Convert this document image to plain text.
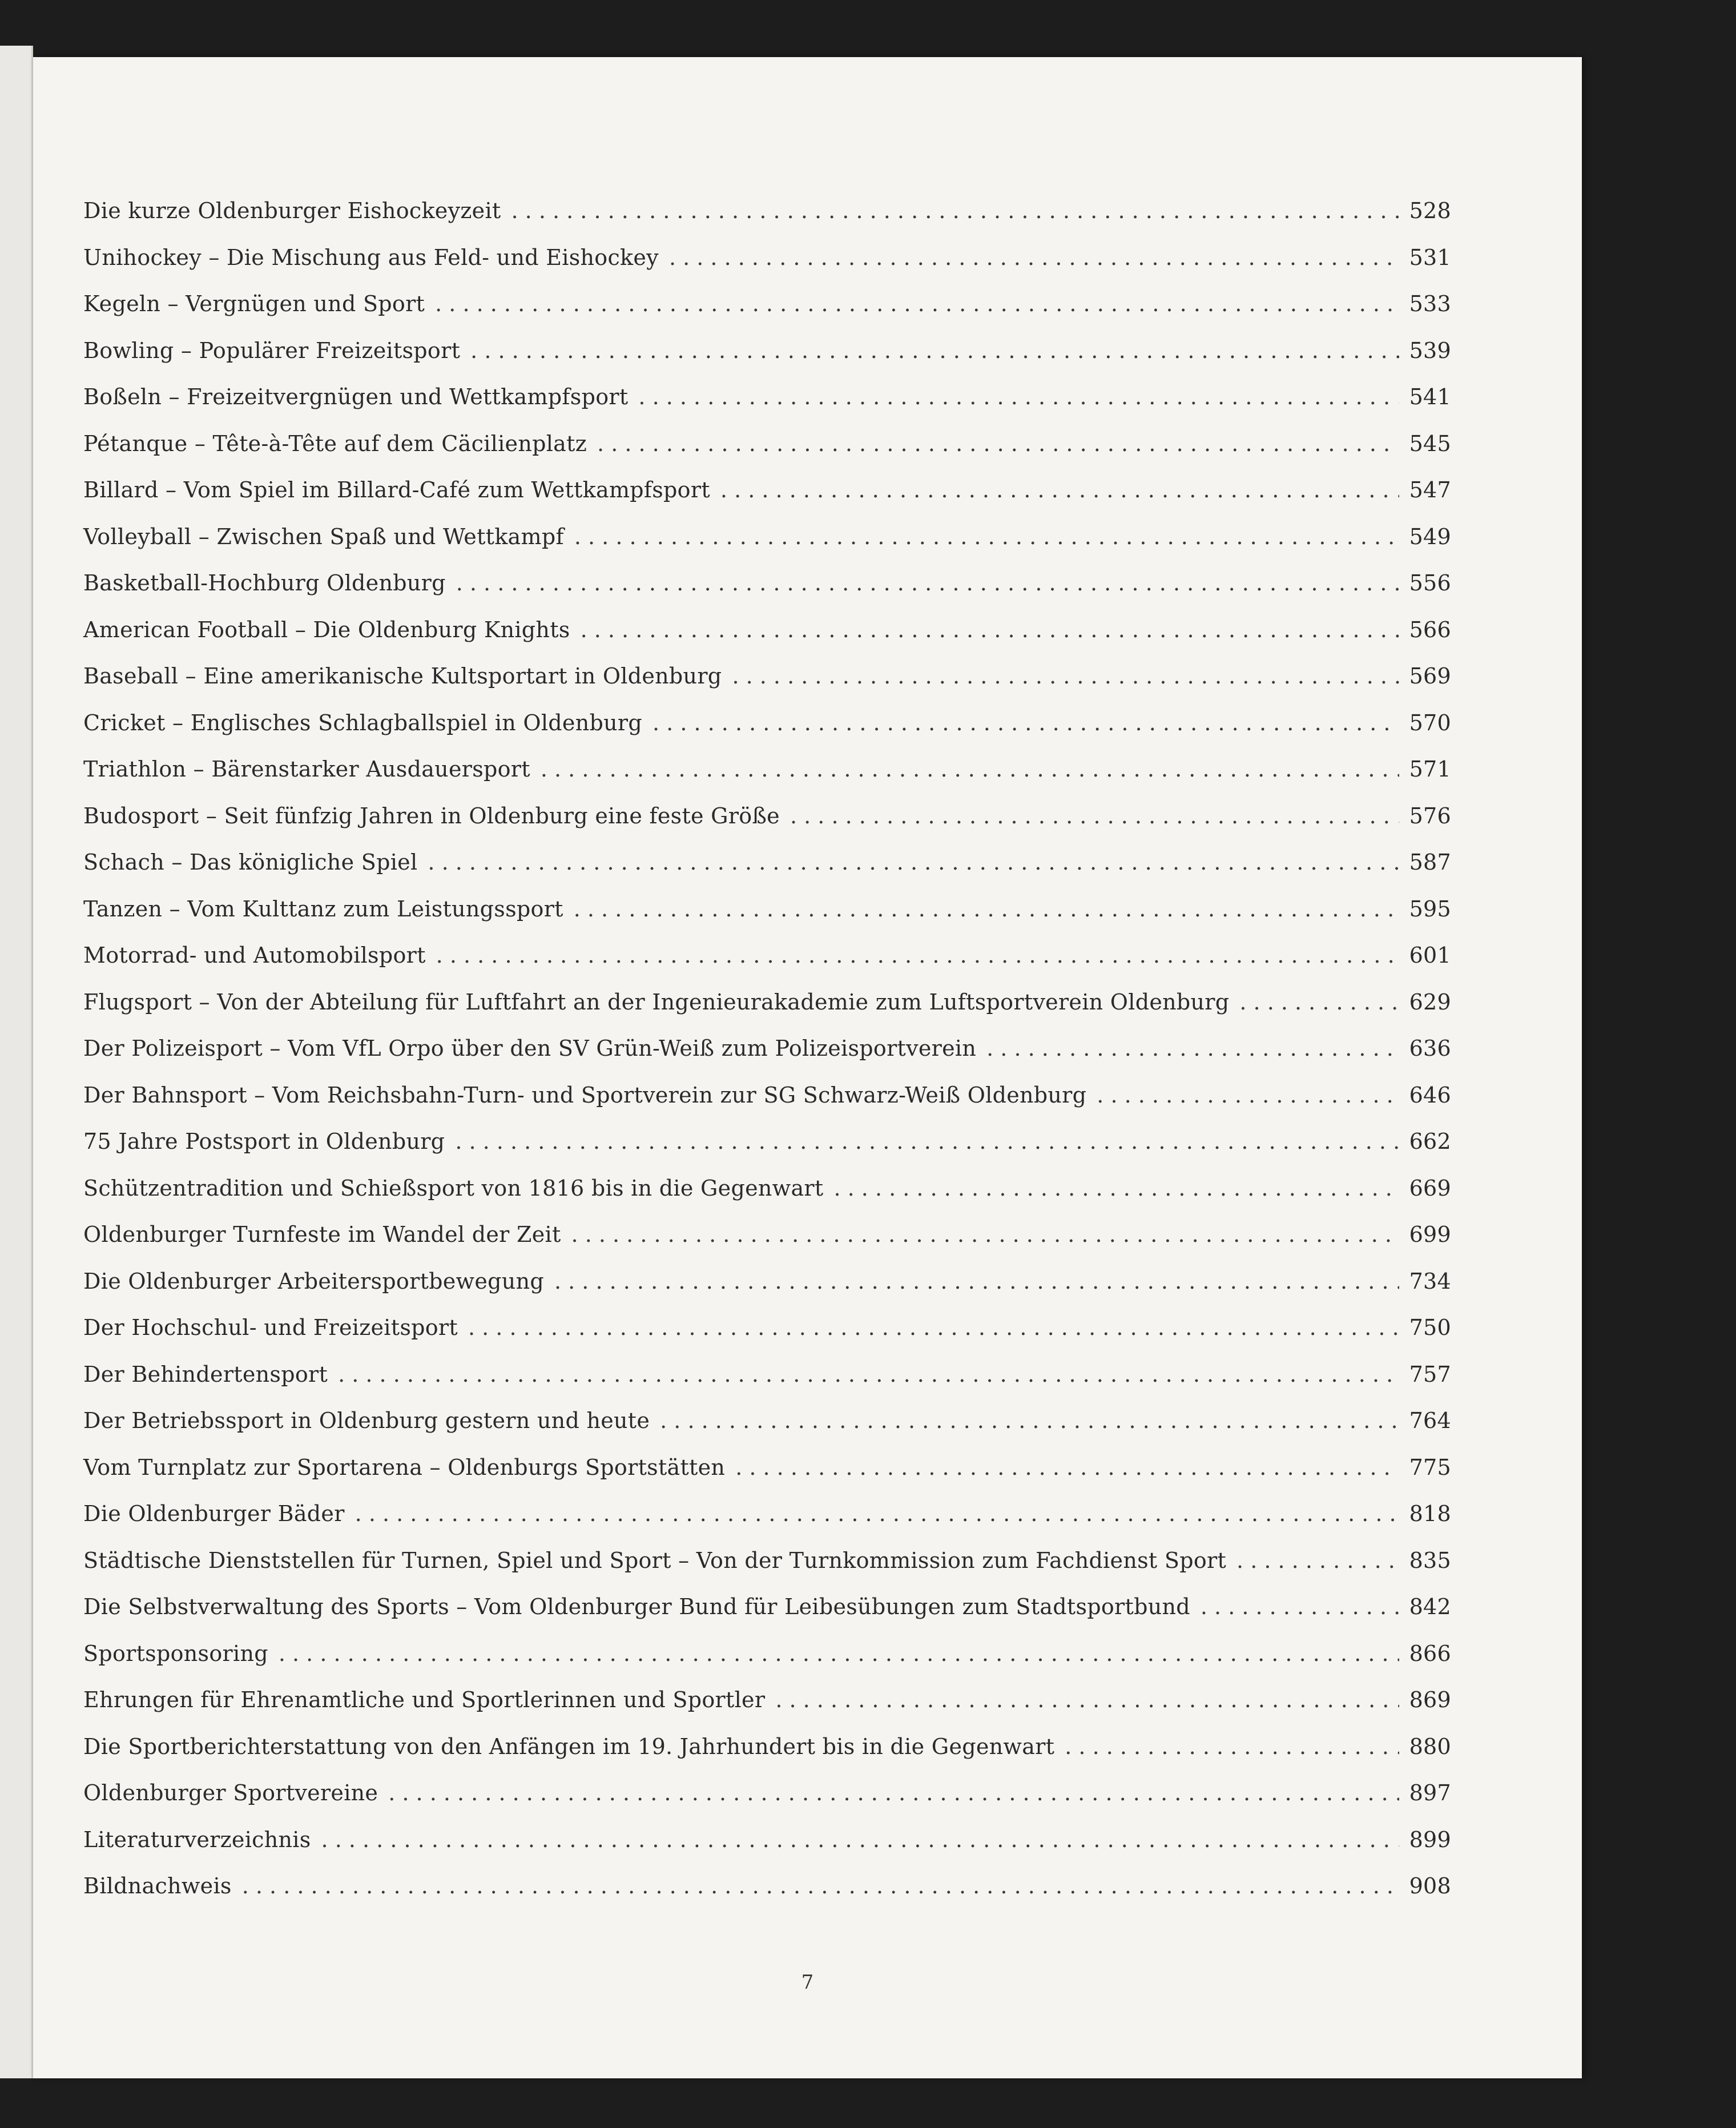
Die kurze Oldenburger Eishockeyzeit . . .	528
Unihockey – Die Mischung aus Feld- und Eishockey . . .	531
Kegeln – Vergnügen und Sport . . .	533
Bowling – Populärer Freizeitsport . . .	539
Boßeln – Freizeitvergnügen und Wettkampfsport . . .	541
Pétanque – Tête-à-Tête auf dem Cäcilienplatz . . .	545
Billard – Vom Spiel im Billard-Café zum Wettkampfsport . . .	547
Volleyball – Zwischen Spaß und Wettkampf . . .	549
Basketball-Hochburg Oldenburg . . .	556
American Football – Die Oldenburg Knights . . .	566
Baseball – Eine amerikanische Kultsportart in Oldenburg . . .	569
Cricket – Englisches Schlagballspiel in Oldenburg . . .	570
Triathlon – Bärenstarker Ausdauersport . . .	571
Budosport – Seit fünfzig Jahren in Oldenburg eine feste Größe . . .	576
Schach – Das königliche Spiel . . .	587
Tanzen – Vom Kulttanz zum Leistungssport . . .	595
Motorrad- und Automobilsport . . .	601
Flugsport – Von der Abteilung für Luftfahrt an der Ingenieurakademie zum Luftsportverein Oldenburg . . .	629
Der Polizeisport – Vom VfL Orpo über den SV Grün-Weiß zum Polizeisportverein . . .	636
Der Bahnsport – Vom Reichsbahn-Turn- und Sportverein zur SG Schwarz-Weiß Oldenburg . . .	646
75 Jahre Postsport in Oldenburg . . .	662
Schützentradition und Schießsport von 1816 bis in die Gegenwart . . .	669
Oldenburger Turnfeste im Wandel der Zeit . . .	699
Die Oldenburger Arbeitersportbewegung . . .	734
Der Hochschul- und Freizeitsport . . .	750
Der Behindertensport . . .	757
Der Betriebssport in Oldenburg gestern und heute . . .	764
Vom Turnplatz zur Sportarena – Oldenburgs Sportstätten . . .	775
Die Oldenburger Bäder . . .	818
Städtische Dienststellen für Turnen, Spiel und Sport – Von der Turnkommission zum Fachdienst Sport . . .	835
Die Selbstverwaltung des Sports – Vom Oldenburger Bund für Leibesübungen zum Stadtsportbund . . .	842
Sportsponsoring . . .	866
Ehrungen für Ehrenamtliche und Sportlerinnen und Sportler . . .	869
Die Sportberichterstattung von den Anfängen im 19. Jahrhundert bis in die Gegenwart . . .	880
Oldenburger Sportvereine . . .	897
Literaturverzeichnis . . .	899
Bildnachweis . . .	908
7
